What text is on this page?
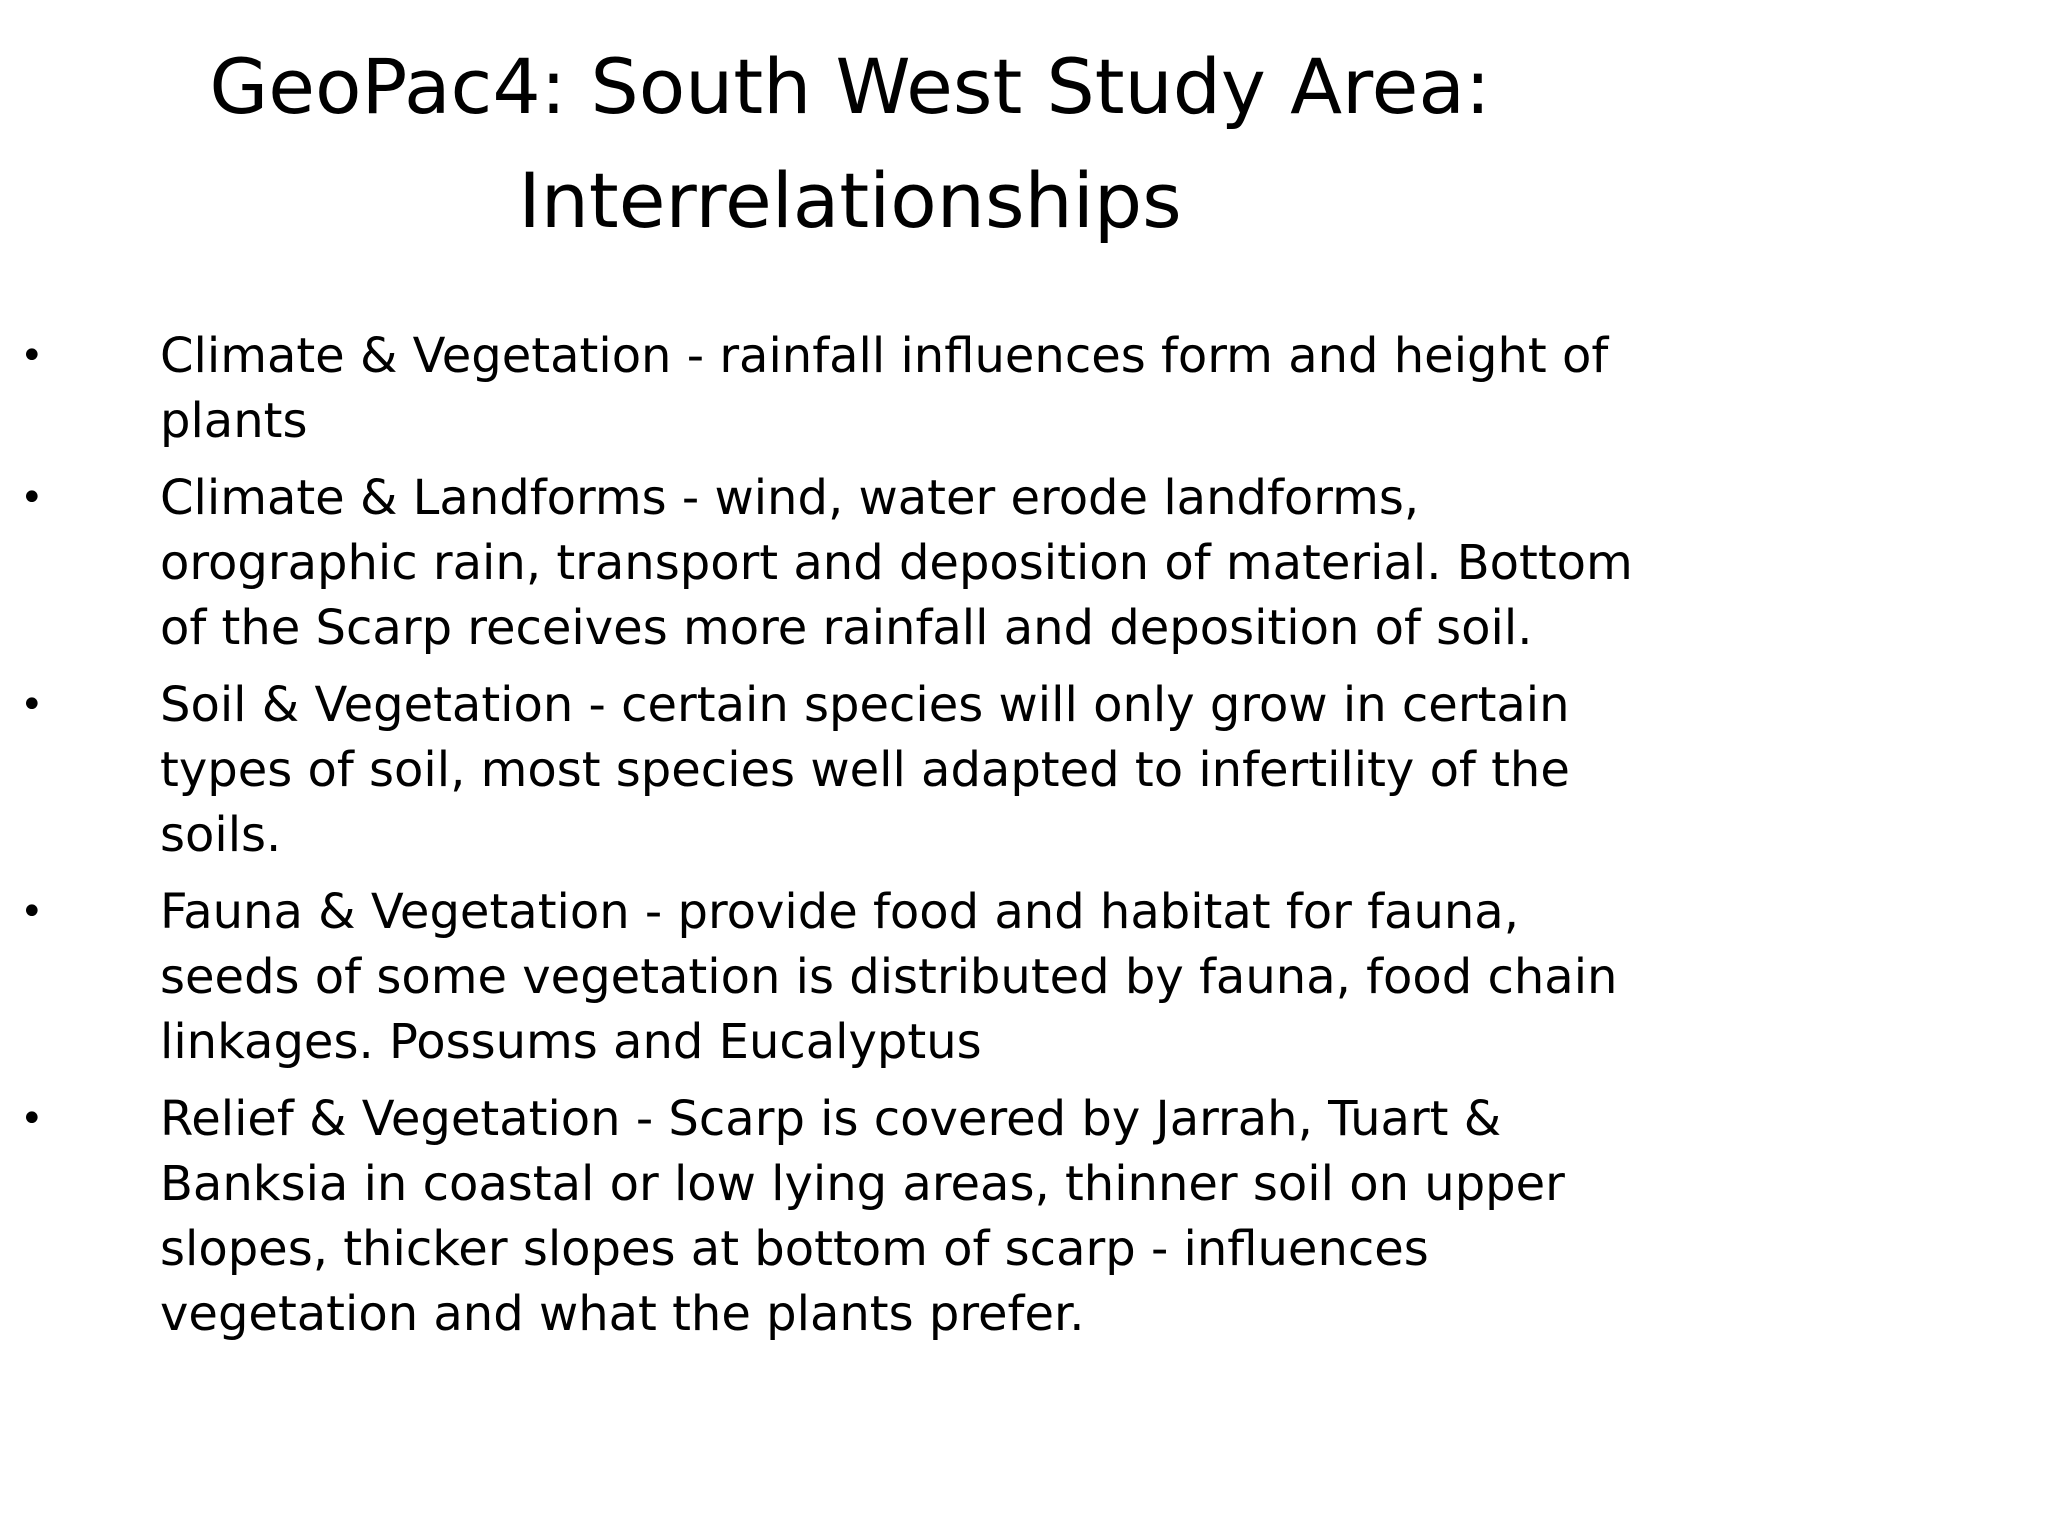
GeoPac4: South West Study Area:
Interrelationships
• Climate & Vegetation - rainfall influences form and height of plants
• Climate & Landforms - wind, water erode landforms, orographic rain, transport and deposition of material. Bottom of the Scarp receives more rainfall and deposition of soil.
• Soil & Vegetation - certain species will only grow in certain types of soil, most species well adapted to infertility of the soils.
• Fauna & Vegetation - provide food and habitat for fauna, seeds of some vegetation is distributed by fauna, food chain linkages. Possums and Eucalyptus
• Relief & Vegetation - Scarp is covered by Jarrah, Tuart & Banksia in coastal or low lying areas, thinner soil on upper slopes, thicker slopes at bottom of scarp - influences vegetation and what the plants prefer.
